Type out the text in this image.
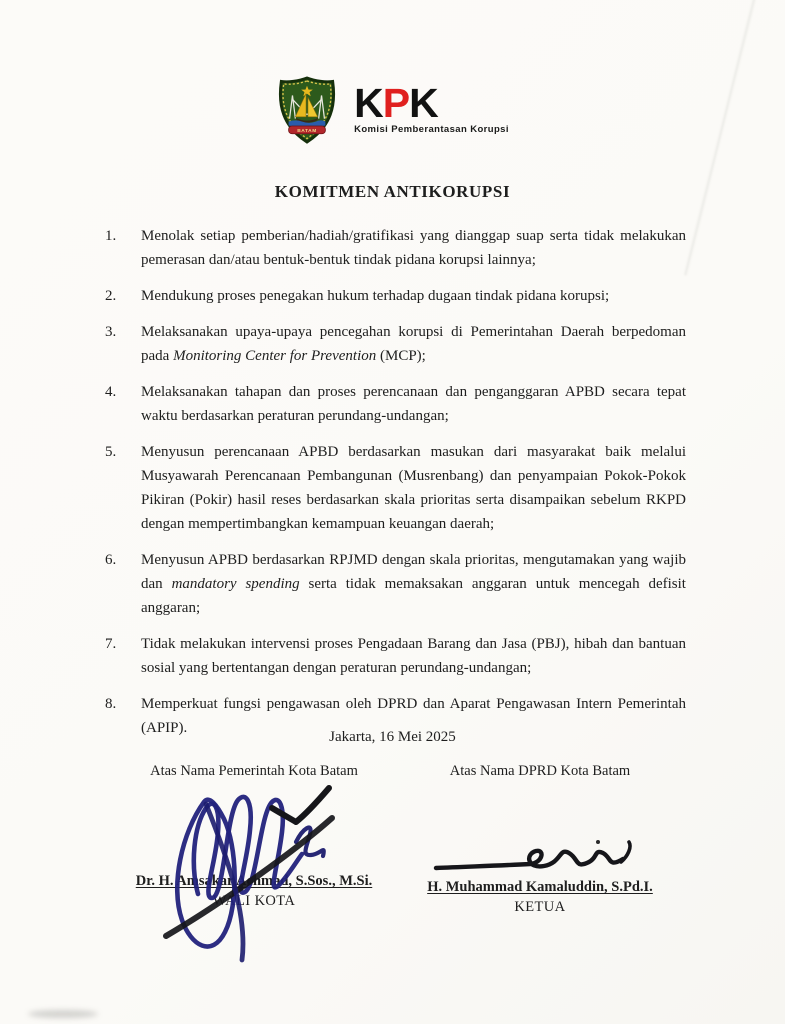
BATAM
KPK
Komisi Pemberantasan Korupsi
KOMITMEN ANTIKORUPSI
1.	Menolak setiap pemberian/hadiah/gratifikasi yang dianggap suap serta tidak melakukan pemerasan dan/atau bentuk-bentuk tindak pidana korupsi lainnya;
2.	Mendukung proses penegakan hukum terhadap dugaan tindak pidana korupsi;
3.	Melaksanakan upaya-upaya pencegahan korupsi di Pemerintahan Daerah berpedoman pada Monitoring Center for Prevention (MCP);
4.	Melaksanakan tahapan dan proses perencanaan dan penganggaran APBD secara tepat waktu berdasarkan peraturan perundang-undangan;
5.	Menyusun perencanaan APBD berdasarkan masukan dari masyarakat baik melalui Musyawarah Perencanaan Pembangunan (Musrenbang) dan penyampaian Pokok-Pokok Pikiran (Pokir) hasil reses berdasarkan skala prioritas serta disampaikan sebelum RKPD dengan mempertimbangkan kemampuan keuangan daerah;
6.	Menyusun APBD berdasarkan RPJMD dengan skala prioritas, mengutamakan yang wajib dan mandatory spending serta tidak memaksakan anggaran untuk mencegah defisit anggaran;
7.	Tidak melakukan intervensi proses Pengadaan Barang dan Jasa (PBJ), hibah dan bantuan sosial yang bertentangan dengan peraturan perundang-undangan;
8.	Memperkuat fungsi pengawasan oleh DPRD dan Aparat Pengawasan Intern Pemerintah (APIP).
Jakarta, 16 Mei 2025
Atas Nama Pemerintah Kota Batam
Dr. H. Amsakar Achmad, S.Sos., M.Si.
WALI KOTA
Atas Nama DPRD Kota Batam
H. Muhammad Kamaluddin, S.Pd.I.
KETUA
